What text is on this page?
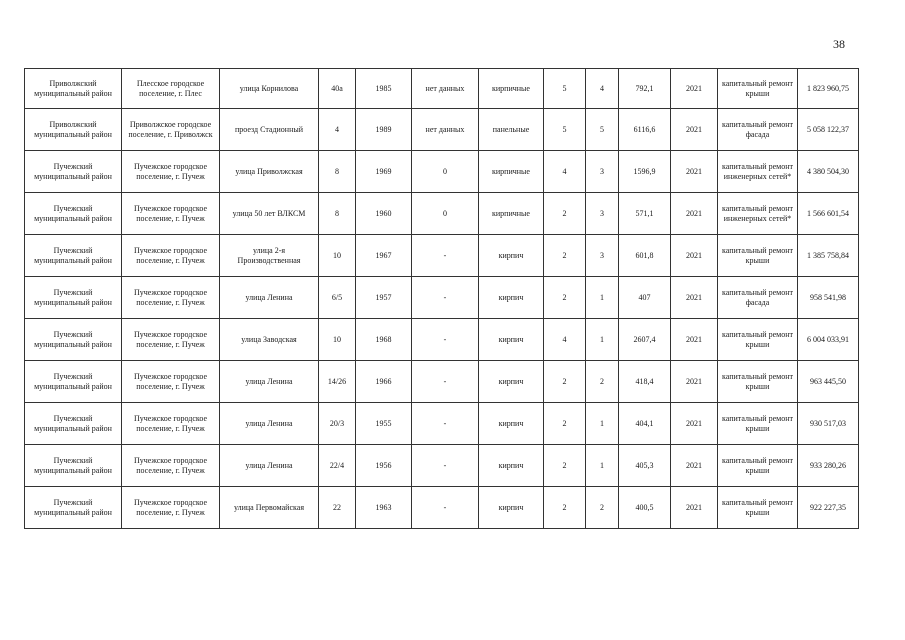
38
Приволжский муниципальный район	Плесское городское поселение, г. Плес	улица Корнилова	40а	1985	нет данных	кирпичные	5	4	792,1	2021	капитальный ремонт крыши	1 823 960,75
Приволжский муниципальный район	Приволжское городское поселение, г. Приволжск	проезд Стадионный	4	1989	нет данных	панельные	5	5	6116,6	2021	капитальный ремонт фасада	5 058 122,37
Пучежский муниципальный район	Пучежское городское поселение, г. Пучеж	улица Приволжская	8	1969	0	кирпичные	4	3	1596,9	2021	капитальный ремонт инженерных сетей*	4 380 504,30
Пучежский муниципальный район	Пучежское городское поселение, г. Пучеж	улица 50 лет ВЛКСМ	8	1960	0	кирпичные	2	3	571,1	2021	капитальный ремонт инженерных сетей*	1 566 601,54
Пучежский муниципальный район	Пучежское городское поселение, г. Пучеж	улица 2-я Производственная	10	1967	-	кирпич	2	3	601,8	2021	капитальный ремонт крыши	1 385 758,84
Пучежский муниципальный район	Пучежское городское поселение, г. Пучеж	улица Ленина	6/5	1957	-	кирпич	2	1	407	2021	капитальный ремонт фасада	958 541,98
Пучежский муниципальный район	Пучежское городское поселение, г. Пучеж	улица Заводская	10	1968	-	кирпич	4	1	2607,4	2021	капитальный ремонт крыши	6 004 033,91
Пучежский муниципальный район	Пучежское городское поселение, г. Пучеж	улица Ленина	14/26	1966	-	кирпич	2	2	418,4	2021	капитальный ремонт крыши	963 445,50
Пучежский муниципальный район	Пучежское городское поселение, г. Пучеж	улица Ленина	20/3	1955	-	кирпич	2	1	404,1	2021	капитальный ремонт крыши	930 517,03
Пучежский муниципальный район	Пучежское городское поселение, г. Пучеж	улица Ленина	22/4	1956	-	кирпич	2	1	405,3	2021	капитальный ремонт крыши	933 280,26
Пучежский муниципальный район	Пучежское городское поселение, г. Пучеж	улица Первомайская	22	1963	-	кирпич	2	2	400,5	2021	капитальный ремонт крыши	922 227,35
